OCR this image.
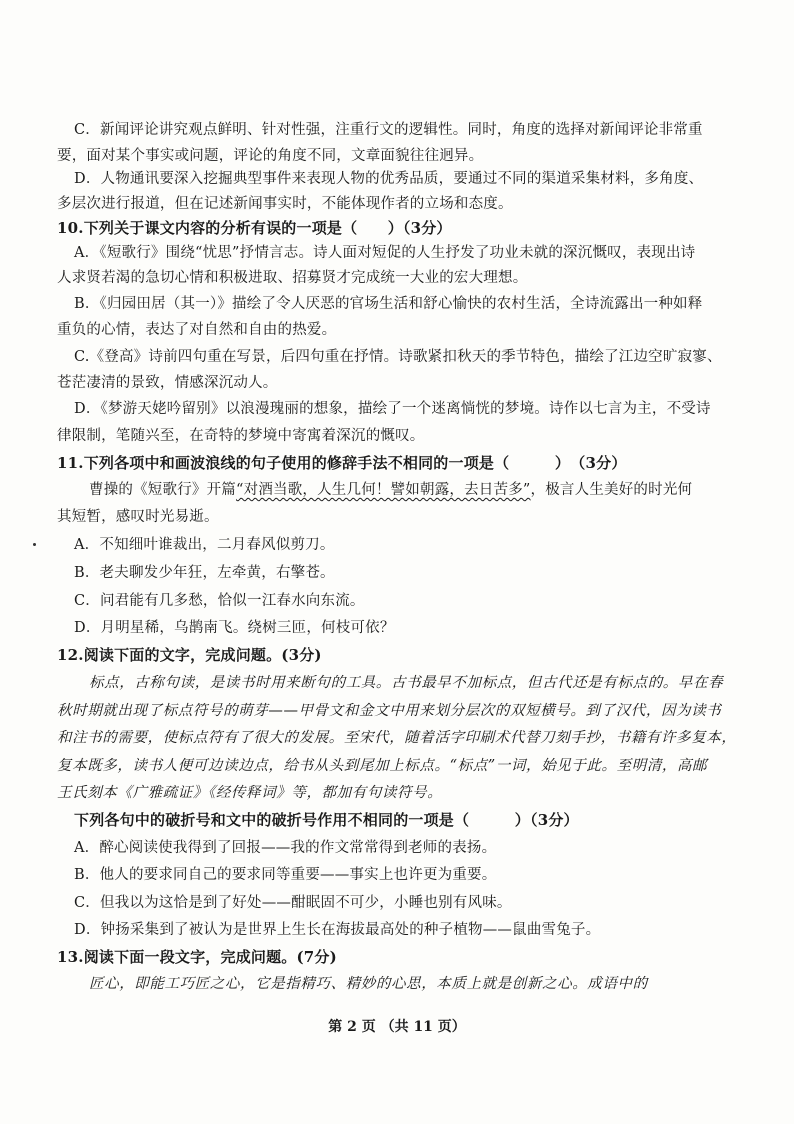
C．新闻评论讲究观点鲜明、针对性强，注重行文的逻辑性。同时，角度的选择对新闻评论非常重
要，面对某个事实或问题，评论的角度不同，文章面貌往往迥异。
D．人物通讯要深入挖掘典型事件来表现人物的优秀品质，要通过不同的渠道采集材料，多角度、
多层次进行报道，但在记述新闻事实时，不能体现作者的立场和态度。
10.下列关于课文内容的分析有误的一项是（　　）（3分）
A．《短歌行》围绕“忧思”抒情言志。诗人面对短促的人生抒发了功业未就的深沉慨叹，表现出诗
人求贤若渴的急切心情和积极进取、招募贤才完成统一大业的宏大理想。
B．《归园田居（其一）》描绘了令人厌恶的官场生活和舒心愉快的农村生活，全诗流露出一种如释
重负的心情，表达了对自然和自由的热爱。
C.《登高》诗前四句重在写景，后四句重在抒情。诗歌紧扣秋天的季节特色，描绘了江边空旷寂寥、
苍茫凄清的景致，情感深沉动人。
D．《梦游天姥吟留别》以浪漫瑰丽的想象，描绘了一个迷离惝恍的梦境。诗作以七言为主，不受诗
律限制，笔随兴至，在奇特的梦境中寄寓着深沉的慨叹。
11.下列各项中和画波浪线的句子使用的修辞手法不相同的一项是（　　　）　（3分）
曹操的《短歌行》开篇“对酒当歌，人生几何！譬如朝露，去日苦多”，极言人生美好的时光何
其短暂，感叹时光易逝。
A．不知细叶谁裁出，二月春风似剪刀。
B．老夫聊发少年狂，左牵黄，右擎苍。
C．问君能有几多愁，恰似一江春水向东流。
D．月明星稀，乌鹊南飞。绕树三匝，何枝可依？
12.阅读下面的文字，完成问题。(3分)
标点，古称句读，是读书时用来断句的工具。古书最早不加标点，但古代还是有标点的。早在春
秋时期就出现了标点符号的萌芽——甲骨文和金文中用来划分层次的双短横号。到了汉代，因为读书
和注书的需要，使标点符有了很大的发展。至宋代，随着活字印刷术代替刀刻手抄，书籍有许多复本，
复本既多，读书人便可边读边点，给书从头到尾加上标点。“标点”一词，始见于此。至明清，高邮
王氏刻本《广雅疏证》《经传释词》等，都加有句读符号。
下列各句中的破折号和文中的破折号作用不相同的一项是（　　　）（3分）
A．醉心阅读使我得到了回报——我的作文常常得到老师的表扬。
B．他人的要求同自己的要求同等重要——事实上也许更为重要。
C．但我以为这恰是到了好处——酣眠固不可少，小睡也别有风味。
D．钟扬采集到了被认为是世界上生长在海拔最高处的种子植物——鼠曲雪兔子。
13.阅读下面一段文字，完成问题。(7分)
匠心，即能工巧匠之心，它是指精巧、精妙的心思，本质上就是创新之心。成语中的
第 2 页 （共 11 页）
